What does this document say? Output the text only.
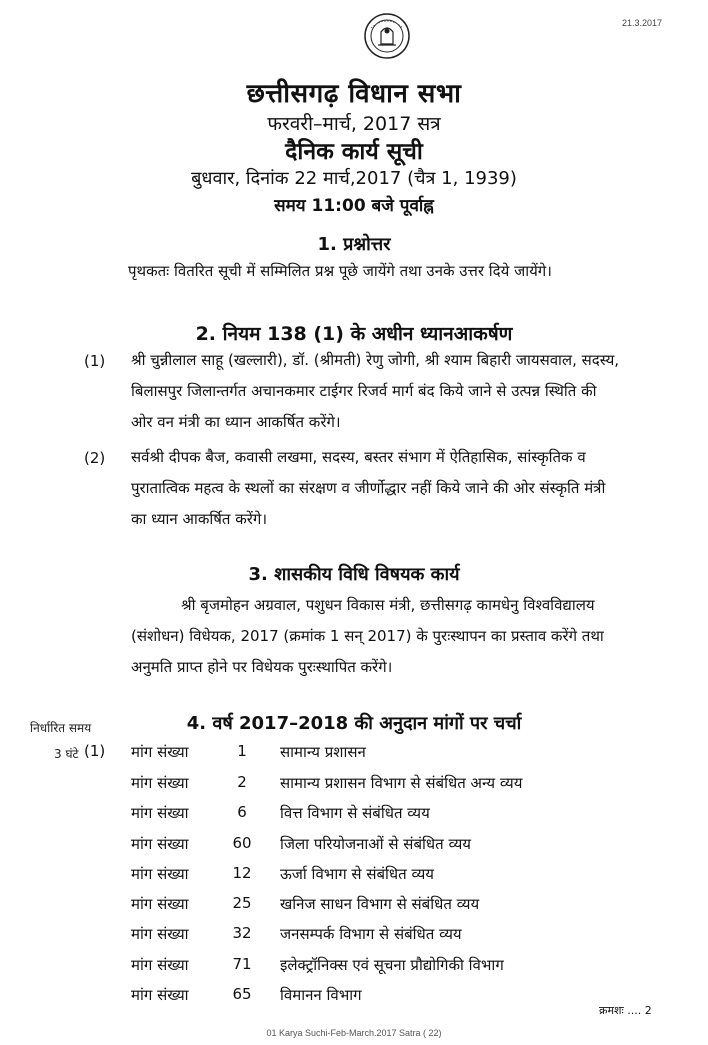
21.3.2017
छत्तीसगढ़ विधान सभा
फरवरी–मार्च, 2017 सत्र
दैनिक कार्य सूची
बुधवार, दिनांक 22 मार्च,2017 (चैत्र 1, 1939)
समय 11:00 बजे पूर्वाह्न
1. प्रश्नोत्तर
पृथकतः वितरित सूची में सम्मिलित प्रश्न पूछे जायेंगे तथा उनके उत्तर दिये जायेंगे।
2. नियम 138 (1) के अधीन ध्यानआकर्षण
(1) श्री चुन्नीलाल साहू (खल्लारी), डॉ. (श्रीमती) रेणु जोगी, श्री श्याम बिहारी जायसवाल, सदस्य,
बिलासपुर जिलान्तर्गत अचानकमार टाईगर रिजर्व मार्ग बंद किये जाने से उत्पन्न स्थिति की
ओर वन मंत्री का ध्यान आकर्षित करेंगे।
(2) सर्वश्री दीपक बैज, कवासी लखमा, सदस्य, बस्तर संभाग में ऐतिहासिक, सांस्कृतिक व
पुरातात्विक महत्व के स्थलों का संरक्षण व जीर्णोद्धार नहीं किये जाने की ओर संस्कृति मंत्री
का ध्यान आकर्षित करेंगे।
3. शासकीय विधि विषयक कार्य
श्री बृजमोहन अग्रवाल, पशुधन विकास मंत्री, छत्तीसगढ़ कामधेनु विश्वविद्यालय
(संशोधन) विधेयक, 2017 (क्रमांक 1 सन् 2017) के पुरःस्थापन का प्रस्ताव करेंगे तथा
अनुमति प्राप्त होने पर विधेयक पुरःस्थापित करेंगे।
निर्धारित समय	4. वर्ष 2017–2018 की अनुदान मांगों पर चर्चा
3 घंटे (1) मांग संख्या	1	सामान्य प्रशासन
मांग संख्या	2	सामान्य प्रशासन विभाग से संबंधित अन्य व्यय
मांग संख्या	6	वित्त विभाग से संबंधित व्यय
मांग संख्या	60	जिला परियोजनाओं से संबंधित व्यय
मांग संख्या	12	ऊर्जा विभाग से संबंधित व्यय
मांग संख्या	25	खनिज साधन विभाग से संबंधित व्यय
मांग संख्या	32	जनसम्पर्क विभाग से संबंधित व्यय
मांग संख्या	71	इलेक्ट्रॉनिक्स एवं सूचना प्रौद्योगिकी विभाग
मांग संख्या	65	विमानन विभाग
क्रमशः .... 2
01 Karya Suchi-Feb-March.2017 Satra ( 22)
